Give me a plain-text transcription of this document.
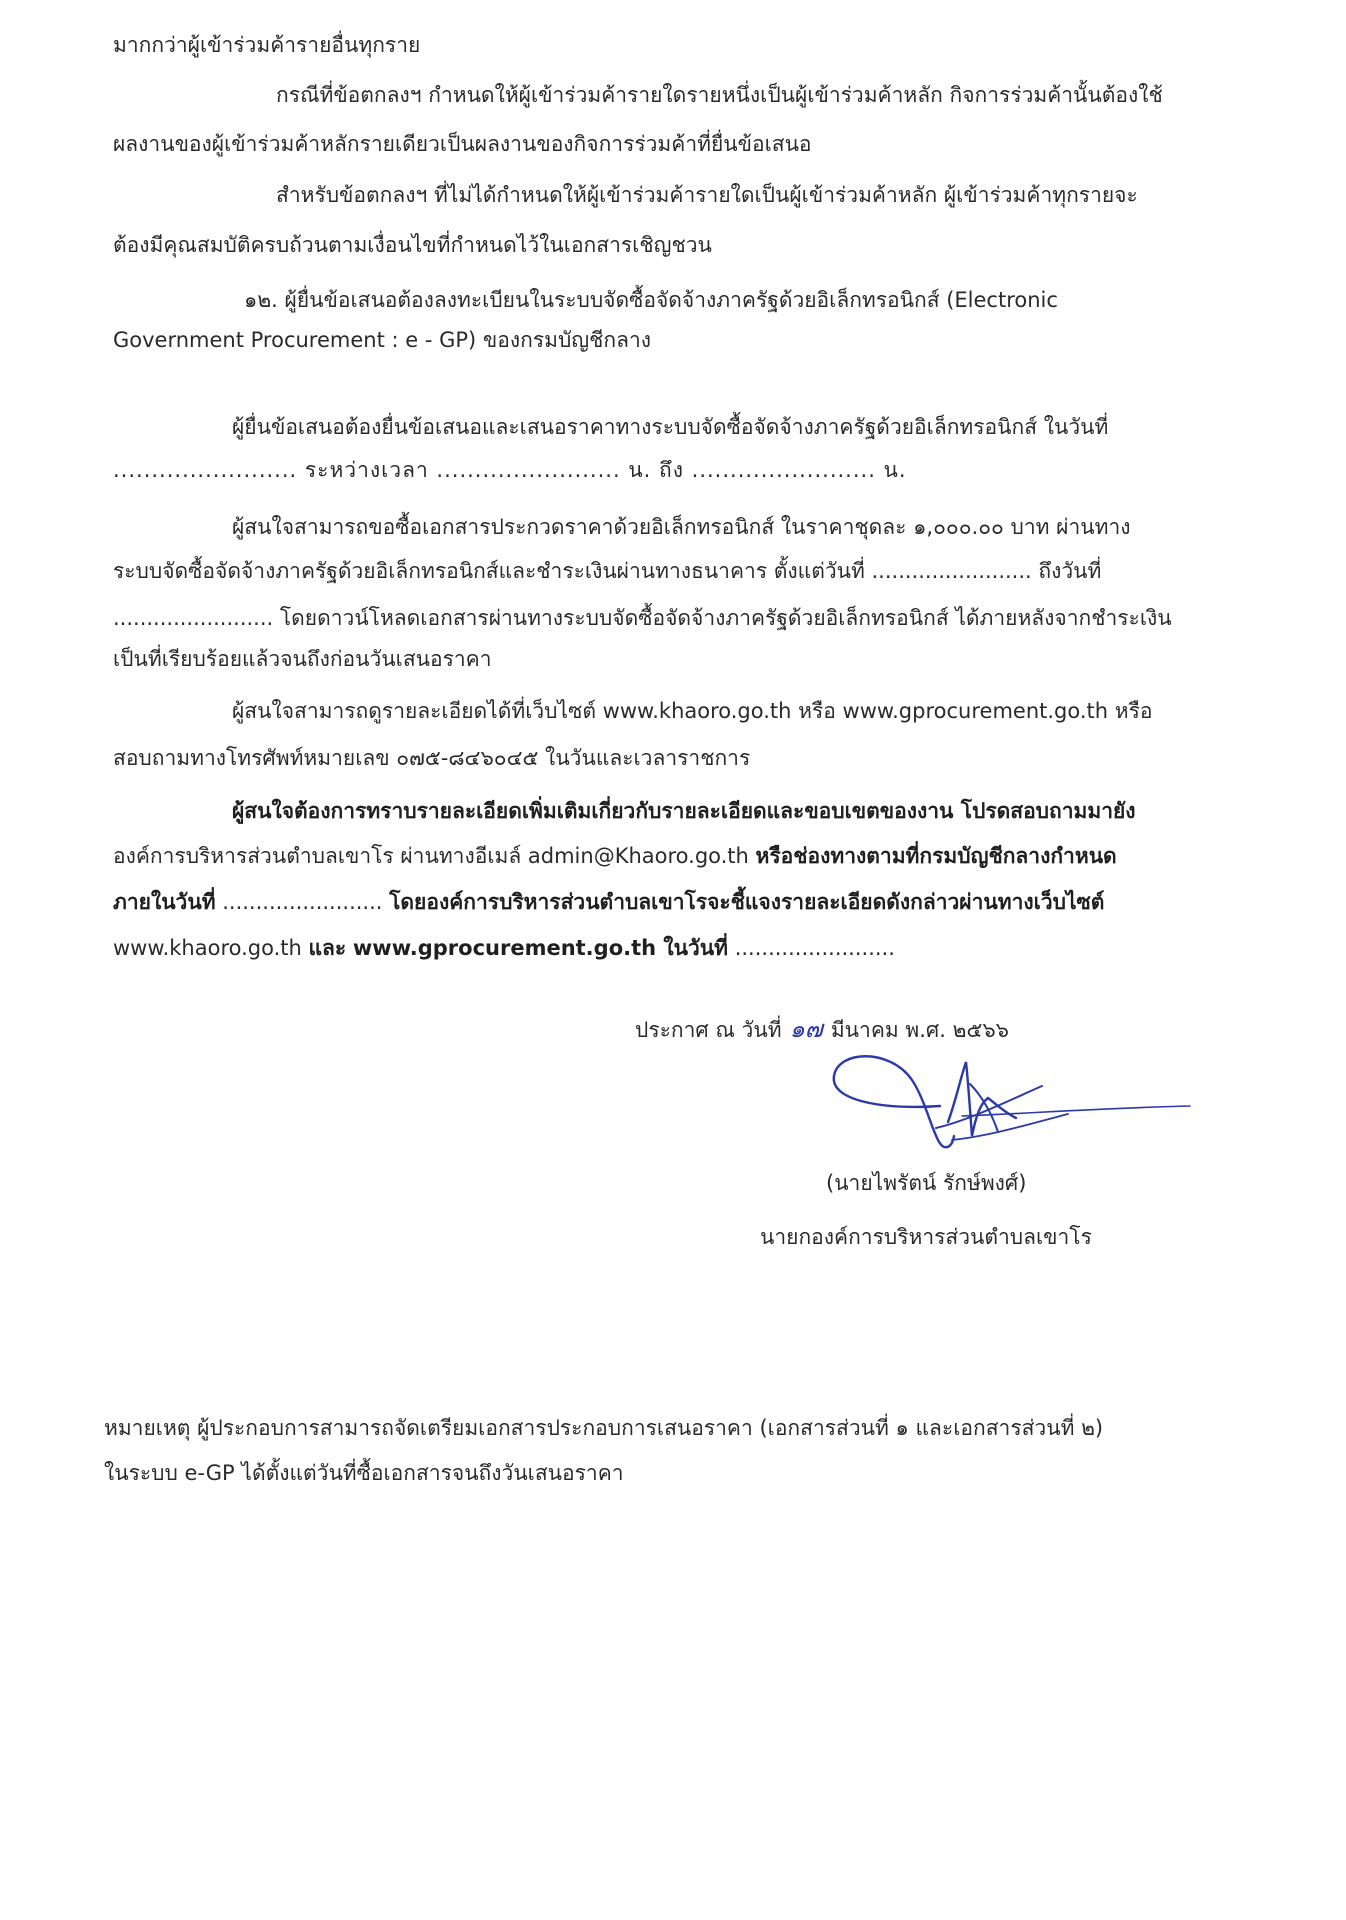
มากกว่าผู้เข้าร่วมค้ารายอื่นทุกราย
กรณีที่ข้อตกลงฯ กำหนดให้ผู้เข้าร่วมค้ารายใดรายหนึ่งเป็นผู้เข้าร่วมค้าหลัก กิจการร่วมค้านั้นต้องใช้
ผลงานของผู้เข้าร่วมค้าหลักรายเดียวเป็นผลงานของกิจการร่วมค้าที่ยื่นข้อเสนอ
สำหรับข้อตกลงฯ ที่ไม่ได้กำหนดให้ผู้เข้าร่วมค้ารายใดเป็นผู้เข้าร่วมค้าหลัก ผู้เข้าร่วมค้าทุกรายจะ
ต้องมีคุณสมบัติครบถ้วนตามเงื่อนไขที่กำหนดไว้ในเอกสารเชิญชวน
๑๒. ผู้ยื่นข้อเสนอต้องลงทะเบียนในระบบจัดซื้อจัดจ้างภาครัฐด้วยอิเล็กทรอนิกส์ (Electronic
Government Procurement : e - GP) ของกรมบัญชีกลาง
ผู้ยื่นข้อเสนอต้องยื่นข้อเสนอและเสนอราคาทางระบบจัดซื้อจัดจ้างภาครัฐด้วยอิเล็กทรอนิกส์ ในวันที่
........................ ระหว่างเวลา ........................ น. ถึง ........................ น.
ผู้สนใจสามารถขอซื้อเอกสารประกวดราคาด้วยอิเล็กทรอนิกส์ ในราคาชุดละ ๑,๐๐๐.๐๐ บาท ผ่านทาง
ระบบจัดซื้อจัดจ้างภาครัฐด้วยอิเล็กทรอนิกส์และชำระเงินผ่านทางธนาคาร ตั้งแต่วันที่ ........................ ถึงวันที่
........................ โดยดาวน์โหลดเอกสารผ่านทางระบบจัดซื้อจัดจ้างภาครัฐด้วยอิเล็กทรอนิกส์ ได้ภายหลังจากชำระเงิน
เป็นที่เรียบร้อยแล้วจนถึงก่อนวันเสนอราคา
ผู้สนใจสามารถดูรายละเอียดได้ที่เว็บไซต์ www.khaoro.go.th หรือ www.gprocurement.go.th หรือ
สอบถามทางโทรศัพท์หมายเลข ๐๗๕-๘๔๖๐๔๕ ในวันและเวลาราชการ
ผู้สนใจต้องการทราบรายละเอียดเพิ่มเติมเกี่ยวกับรายละเอียดและขอบเขตของงาน โปรดสอบถามมายัง
องค์การบริหารส่วนตำบลเขาโร ผ่านทางอีเมล์ admin@Khaoro.go.th หรือช่องทางตามที่กรมบัญชีกลางกำหนด
ภายในวันที่ ........................ โดยองค์การบริหารส่วนตำบลเขาโรจะชี้แจงรายละเอียดดังกล่าวผ่านทางเว็บไซต์
www.khaoro.go.th และ www.gprocurement.go.th ในวันที่ ........................
ประกาศ ณ วันที่ ๑๗ มีนาคม พ.ศ. ๒๕๖๖
(นายไพรัตน์ รักษ์พงศ์)
นายกองค์การบริหารส่วนตำบลเขาโร
หมายเหตุ ผู้ประกอบการสามารถจัดเตรียมเอกสารประกอบการเสนอราคา (เอกสารส่วนที่ ๑ และเอกสารส่วนที่ ๒)
ในระบบ e-GP ได้ตั้งแต่วันที่ซื้อเอกสารจนถึงวันเสนอราคา
